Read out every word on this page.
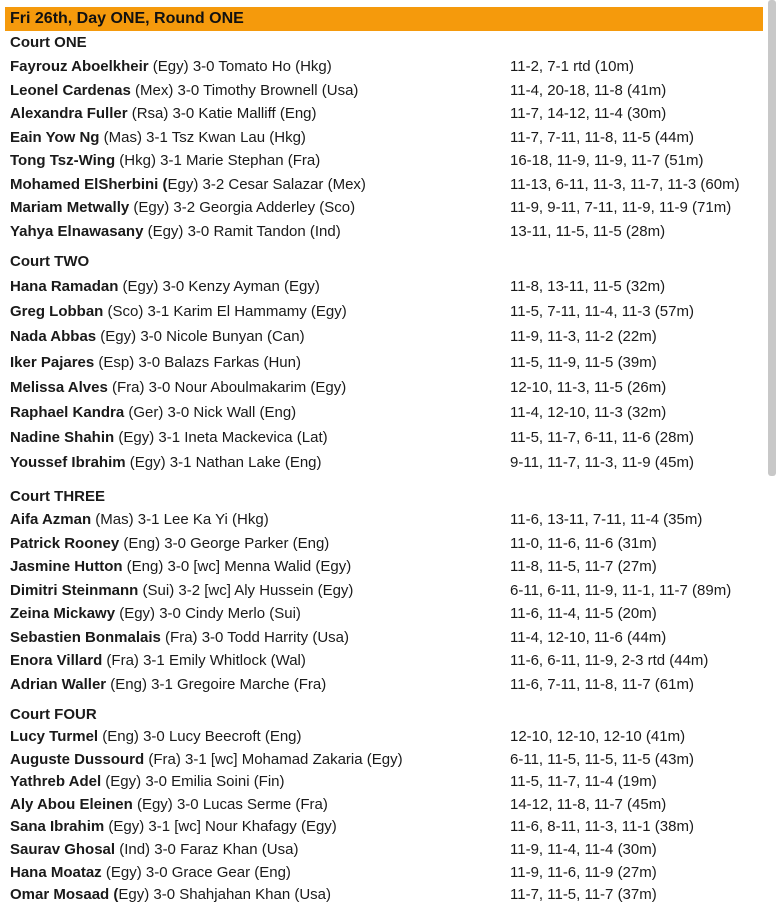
Fri 26th, Day ONE, Round ONE
Court ONE
Fayrouz Aboelkheir (Egy) 3-0 Tomato Ho (Hkg)	11-2, 7-1 rtd (10m)
Leonel Cardenas (Mex) 3-0 Timothy Brownell (Usa)	11-4, 20-18, 11-8 (41m)
Alexandra Fuller (Rsa) 3-0 Katie Malliff (Eng)	11-7, 14-12, 11-4 (30m)
Eain Yow Ng (Mas) 3-1 Tsz Kwan Lau (Hkg)	11-7, 7-11, 11-8, 11-5 (44m)
Tong Tsz-Wing (Hkg) 3-1 Marie Stephan (Fra)	16-18, 11-9, 11-9, 11-7 (51m)
Mohamed ElSherbini (Egy) 3-2 Cesar Salazar (Mex)	11-13, 6-11, 11-3, 11-7, 11-3 (60m)
Mariam Metwally (Egy) 3-2 Georgia Adderley (Sco)	11-9, 9-11, 7-11, 11-9, 11-9 (71m)
Yahya Elnawasany (Egy) 3-0 Ramit Tandon (Ind)	13-11, 11-5, 11-5 (28m)
Court TWO
Hana Ramadan (Egy) 3-0 Kenzy Ayman (Egy)	11-8, 13-11, 11-5 (32m)
Greg Lobban (Sco) 3-1 Karim El Hammamy (Egy)	11-5, 7-11, 11-4, 11-3 (57m)
Nada Abbas (Egy) 3-0 Nicole Bunyan (Can)	11-9, 11-3, 11-2 (22m)
Iker Pajares (Esp) 3-0 Balazs Farkas (Hun)	11-5, 11-9, 11-5 (39m)
Melissa Alves (Fra) 3-0 Nour Aboulmakarim (Egy)	12-10, 11-3, 11-5 (26m)
Raphael Kandra (Ger) 3-0 Nick Wall (Eng)	11-4, 12-10, 11-3 (32m)
Nadine Shahin (Egy) 3-1 Ineta Mackevica (Lat)	11-5, 11-7, 6-11, 11-6 (28m)
Youssef Ibrahim (Egy) 3-1 Nathan Lake (Eng)	9-11, 11-7, 11-3, 11-9 (45m)
Court THREE
Aifa Azman (Mas) 3-1 Lee Ka Yi (Hkg)	11-6, 13-11, 7-11, 11-4 (35m)
Patrick Rooney (Eng) 3-0 George Parker (Eng)	11-0, 11-6, 11-6 (31m)
Jasmine Hutton (Eng) 3-0 [wc] Menna Walid (Egy)	11-8, 11-5, 11-7 (27m)
Dimitri Steinmann (Sui) 3-2 [wc] Aly Hussein (Egy)	6-11, 6-11, 11-9, 11-1, 11-7 (89m)
Zeina Mickawy (Egy) 3-0 Cindy Merlo (Sui)	11-6, 11-4, 11-5 (20m)
Sebastien Bonmalais (Fra) 3-0 Todd Harrity (Usa)	11-4, 12-10, 11-6 (44m)
Enora Villard (Fra) 3-1 Emily Whitlock (Wal)	11-6, 6-11, 11-9, 2-3 rtd (44m)
Adrian Waller (Eng) 3-1 Gregoire Marche (Fra)	11-6, 7-11, 11-8, 11-7 (61m)
Court FOUR
Lucy Turmel (Eng) 3-0 Lucy Beecroft (Eng)	12-10, 12-10, 12-10 (41m)
Auguste Dussourd (Fra) 3-1 [wc] Mohamad Zakaria (Egy)	6-11, 11-5, 11-5, 11-5 (43m)
Yathreb Adel (Egy) 3-0 Emilia Soini (Fin)	11-5, 11-7, 11-4 (19m)
Aly Abou Eleinen (Egy) 3-0 Lucas Serme (Fra)	14-12, 11-8, 11-7 (45m)
Sana Ibrahim (Egy) 3-1 [wc] Nour Khafagy (Egy)	11-6, 8-11, 11-3, 11-1 (38m)
Saurav Ghosal (Ind) 3-0 Faraz Khan (Usa)	11-9, 11-4, 11-4 (30m)
Hana Moataz (Egy) 3-0 Grace Gear (Eng)	11-9, 11-6, 11-9 (27m)
Omar Mosaad (Egy) 3-0 Shahjahan Khan (Usa)	11-7, 11-5, 11-7 (37m)
